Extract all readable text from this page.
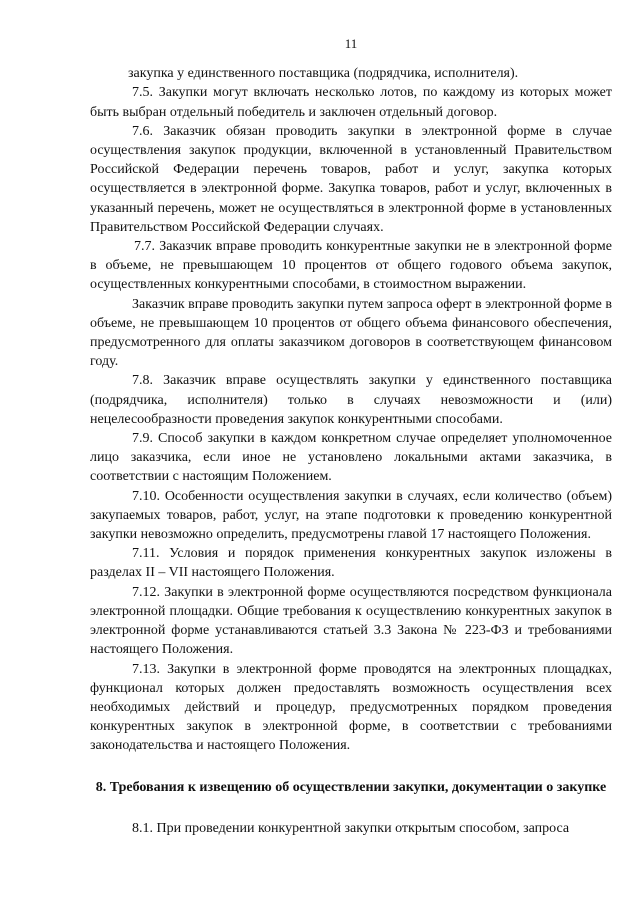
11

закупка у единственного поставщика (подрядчика, исполнителя).

7.5. Закупки могут включать несколько лотов, по каждому из которых может быть выбран отдельный победитель и заключен отдельный договор.

7.6. Заказчик обязан проводить закупки в электронной форме в случае осуществления закупок продукции, включенной в установленный Правительством Российской Федерации перечень товаров, работ и услуг, закупка которых осуществляется в электронной форме. Закупка товаров, работ и услуг, включенных в указанный перечень, может не осуществляться в электронной форме в установленных Правительством Российской Федерации случаях.

7.7. Заказчик вправе проводить конкурентные закупки не в электронной форме в объеме, не превышающем 10 процентов от общего годового объема закупок, осуществленных конкурентными способами, в стоимостном выражении.

Заказчик вправе проводить закупки путем запроса оферт в электронной форме в объеме, не превышающем 10 процентов от общего объема финансового обеспечения, предусмотренного для оплаты заказчиком договоров в соответствующем финансовом году.

7.8. Заказчик вправе осуществлять закупки у единственного поставщика (подрядчика, исполнителя) только в случаях невозможности и (или) нецелесообразности проведения закупок конкурентными способами.

7.9. Способ закупки в каждом конкретном случае определяет уполномоченное лицо заказчика, если иное не установлено локальными актами заказчика, в соответствии с настоящим Положением.

7.10. Особенности осуществления закупки в случаях, если количество (объем) закупаемых товаров, работ, услуг, на этапе подготовки к проведению конкурентной закупки невозможно определить, предусмотрены главой 17 настоящего Положения.

7.11. Условия и порядок применения конкурентных закупок изложены в разделах II – VII настоящего Положения.

7.12. Закупки в электронной форме осуществляются посредством функционала электронной площадки. Общие требования к осуществлению конкурентных закупок в электронной форме устанавливаются статьей 3.3 Закона № 223-ФЗ и требованиями настоящего Положения.

7.13. Закупки в электронной форме проводятся на электронных площадках, функционал которых должен предоставлять возможность осуществления всех необходимых действий и процедур, предусмотренных порядком проведения конкурентных закупок в электронной форме, в соответствии с требованиями законодательства и настоящего Положения.

8. Требования к извещению об осуществлении закупки, документации о закупке

8.1. При проведении конкурентной закупки открытым способом, запроса
